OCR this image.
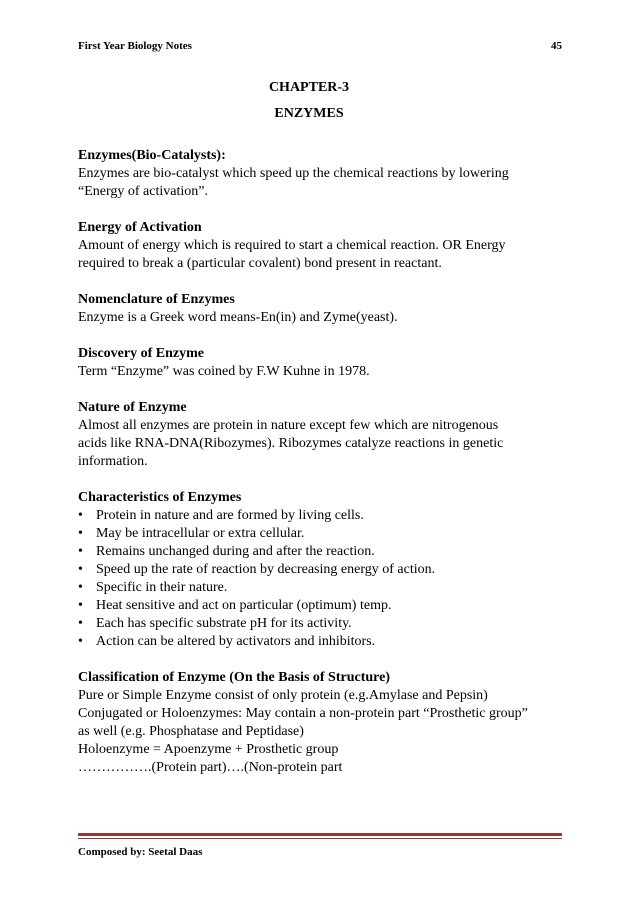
First Year Biology Notes	45
CHAPTER-3
ENZYMES
Enzymes(Bio-Catalysts):

Enzymes are bio-catalyst which speed up the chemical reactions by lowering

“Energy of activation”.

Energy of Activation

Amount of energy which is required to start a chemical reaction. OR Energy

required to break a (particular covalent) bond present in reactant.

Nomenclature of Enzymes

Enzyme is a Greek word means-En(in) and Zyme(yeast).

Discovery of Enzyme

Term “Enzyme” was coined by F.W Kuhne in 1978.

Nature of Enzyme

Almost all enzymes are protein in nature except few which are nitrogenous

acids like RNA-DNA(Ribozymes). Ribozymes catalyze reactions in genetic

information.

Characteristics of Enzymes
• Protein in nature and are formed by living cells.
• May be intracellular or extra cellular.
• Remains unchanged during and after the reaction.
• Speed up the rate of reaction by decreasing energy of action.
• Specific in their nature.
• Heat sensitive and act on particular (optimum) temp.
• Each has specific substrate pH for its activity.
• Action can be altered by activators and inhibitors.
Classification of Enzyme (On the Basis of Structure)

Pure or Simple Enzyme consist of only protein (e.g.Amylase and Pepsin)

Conjugated or Holoenzymes: May contain a non-protein part “Prosthetic group”

as well (e.g. Phosphatase and Peptidase)

Holoenzyme = Apoenzyme + Prosthetic group

…………….(Protein part)….(Non-protein part

Composed by: Seetal Daas
